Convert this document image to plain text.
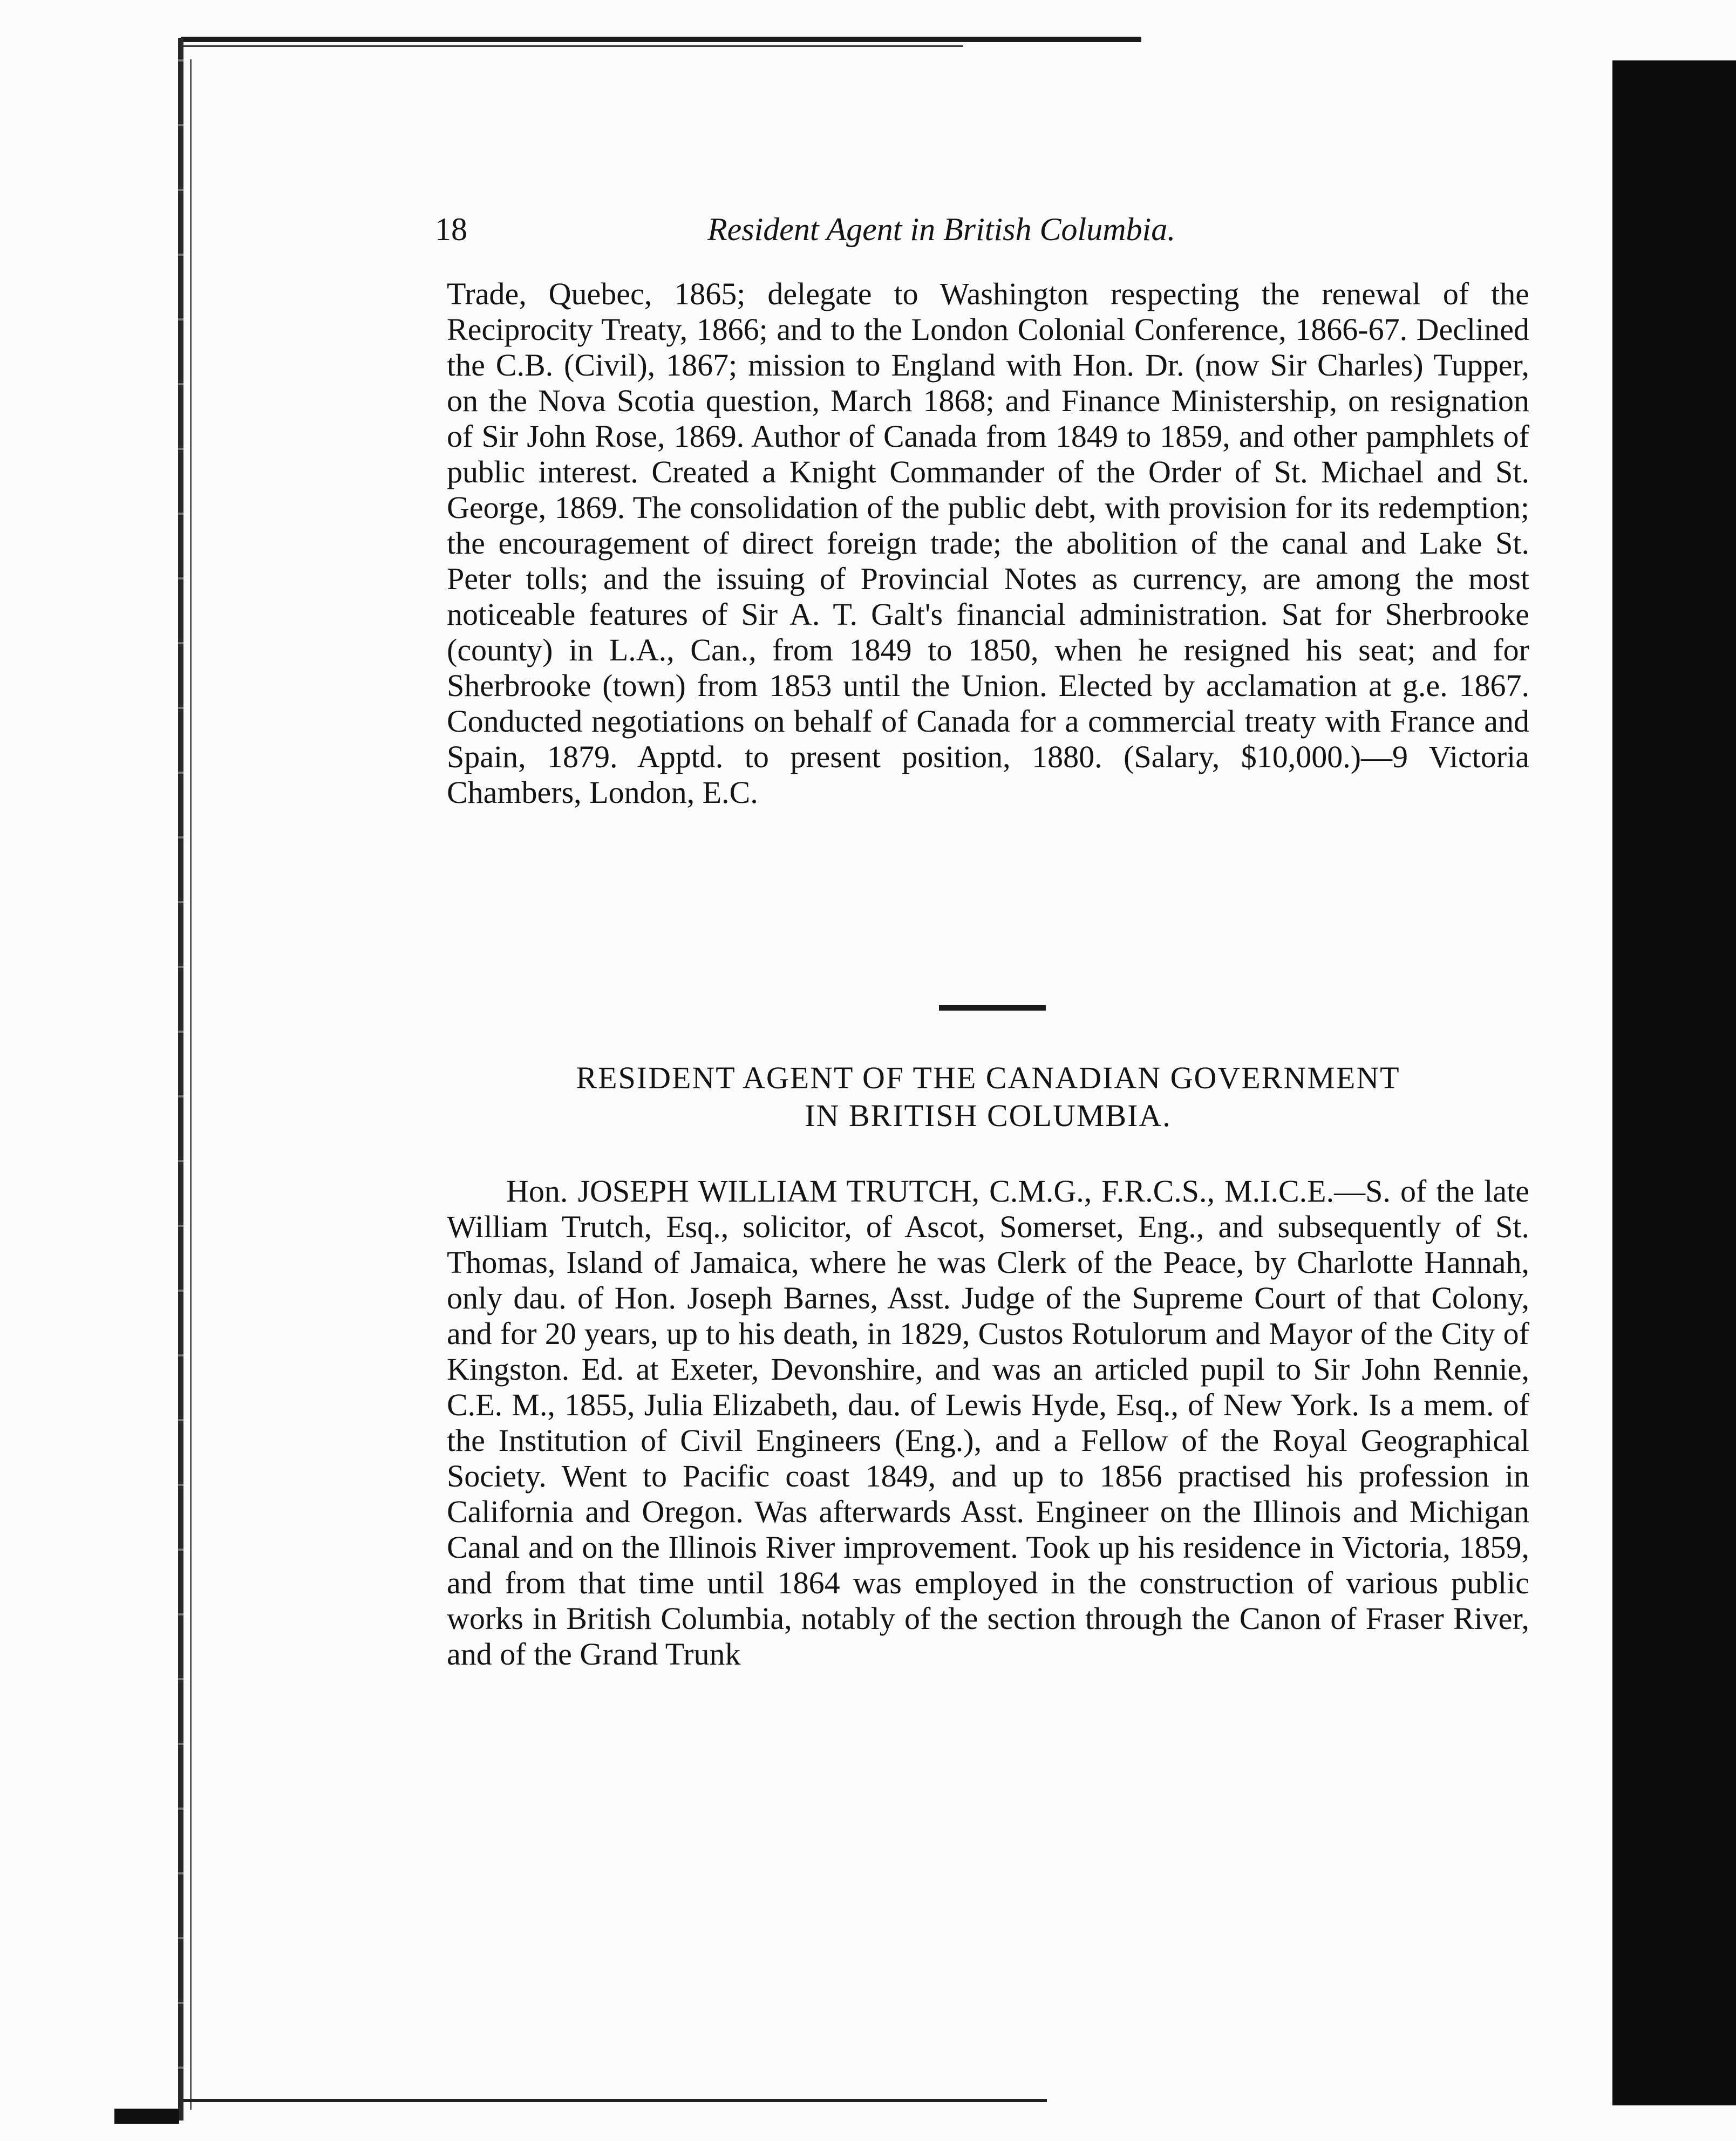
18	Resident Agent in British Columbia.

Trade, Quebec, 1865; delegate to Washington respecting the renewal of the Reciprocity Treaty, 1866; and to the London Colonial Conference, 1866-67. Declined the C.B. (Civil), 1867; mission to England with Hon. Dr. (now Sir Charles) Tupper, on the Nova Scotia question, March 1868; and Finance Ministership, on resignation of Sir John Rose, 1869. Author of Canada from 1849 to 1859, and other pamphlets of public interest. Created a Knight Commander of the Order of St. Michael and St. George, 1869. The consolidation of the public debt, with provision for its redemption; the encouragement of direct foreign trade; the abolition of the canal and Lake St. Peter tolls; and the issuing of Provincial Notes as currency, are among the most noticeable features of Sir A. T. Galt's financial administration. Sat for Sherbrooke (county) in L.A., Can., from 1849 to 1850, when he resigned his seat; and for Sherbrooke (town) from 1853 until the Union. Elected by acclamation at g.e. 1867. Conducted negotiations on behalf of Canada for a commercial treaty with France and Spain, 1879. Apptd. to present position, 1880. (Salary, $10,000.)—9 Victoria Chambers, London, E.C.

RESIDENT AGENT OF THE CANADIAN GOVERNMENT

IN BRITISH COLUMBIA.

Hon. JOSEPH WILLIAM TRUTCH, C.M.G., F.R.C.S., M.I.C.E.—S. of the late William Trutch, Esq., solicitor, of Ascot, Somerset, Eng., and subsequently of St. Thomas, Island of Jamaica, where he was Clerk of the Peace, by Charlotte Hannah, only dau. of Hon. Joseph Barnes, Asst. Judge of the Supreme Court of that Colony, and for 20 years, up to his death, in 1829, Custos Rotulorum and Mayor of the City of Kingston. Ed. at Exeter, Devonshire, and was an articled pupil to Sir John Rennie, C.E. M., 1855, Julia Elizabeth, dau. of Lewis Hyde, Esq., of New York. Is a mem. of the Institution of Civil Engineers (Eng.), and a Fellow of the Royal Geographical Society. Went to Pacific coast 1849, and up to 1856 practised his profession in California and Oregon. Was afterwards Asst. Engineer on the Illinois and Michigan Canal and on the Illinois River improvement. Took up his residence in Victoria, 1859, and from that time until 1864 was employed in the construction of various public works in British Columbia, notably of the section through the Canon of Fraser River, and of the Grand Trunk
